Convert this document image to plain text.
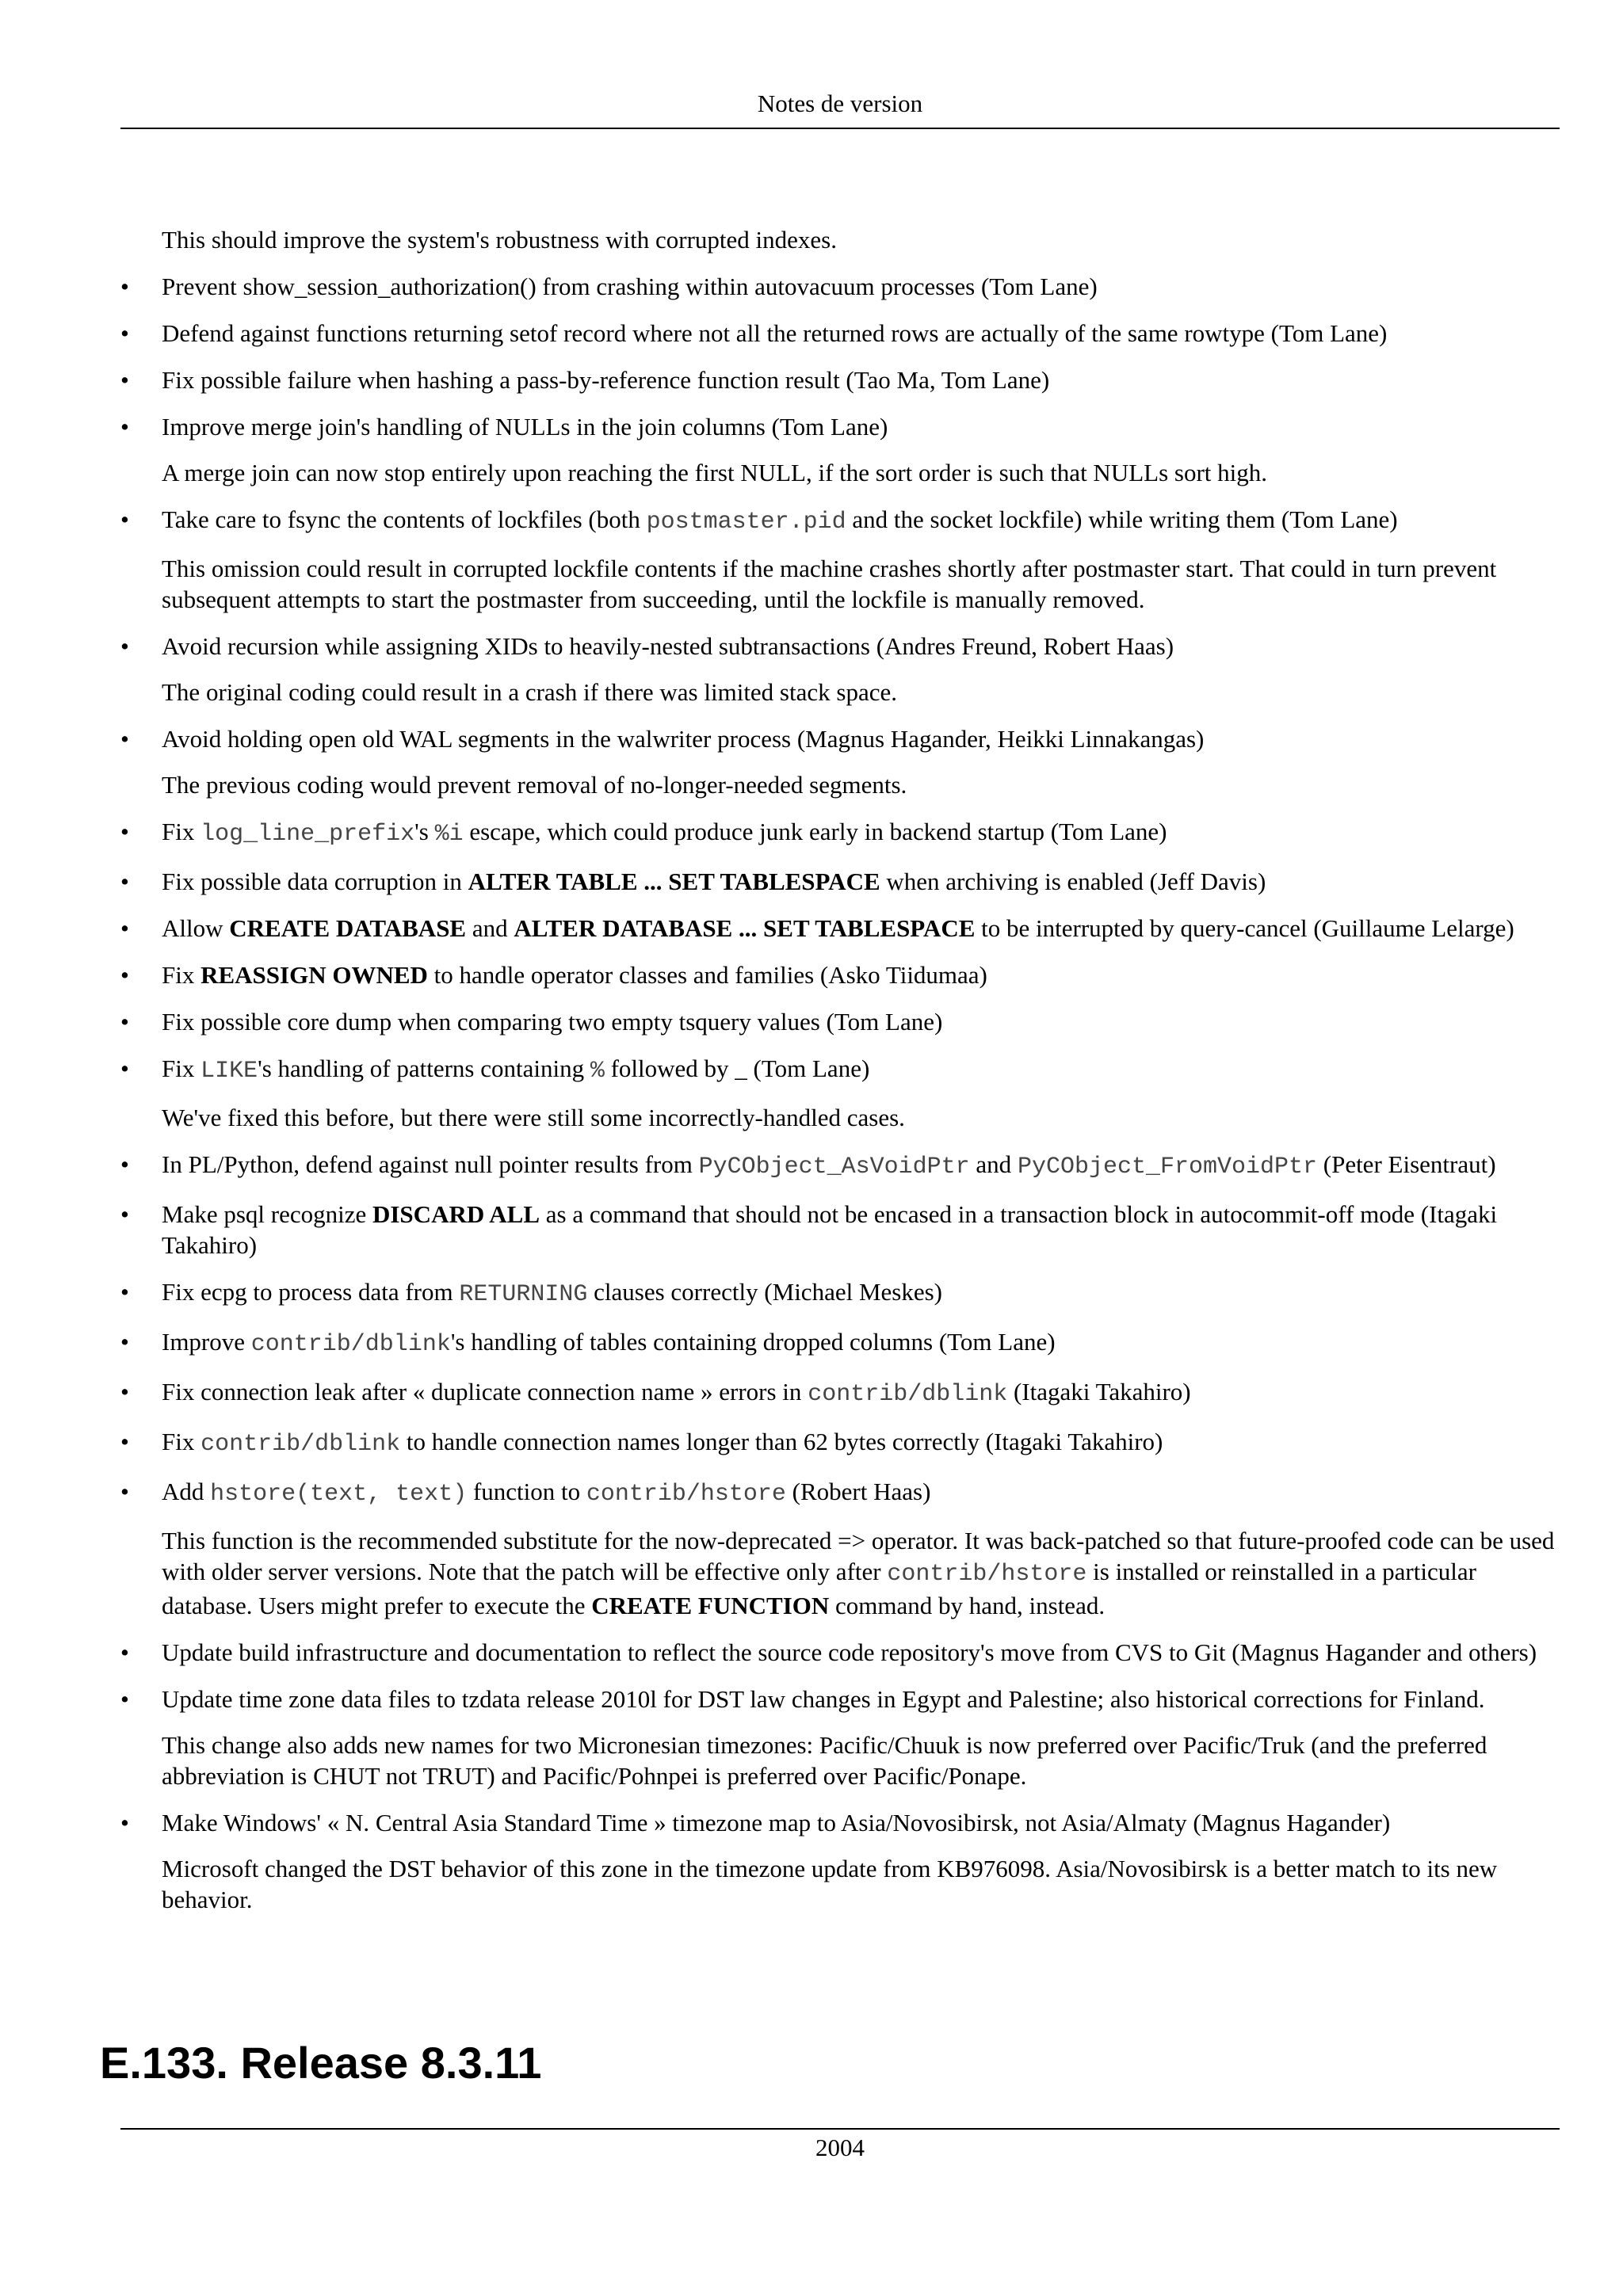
Notes de version
This should improve the system's robustness with corrupted indexes.
• Prevent show_session_authorization() from crashing within autovacuum processes (Tom Lane)
• Defend against functions returning setof record where not all the returned rows are actually of the same rowtype (Tom Lane)
• Fix possible failure when hashing a pass-by-reference function result (Tao Ma, Tom Lane)
• Improve merge join's handling of NULLs in the join columns (Tom Lane)
A merge join can now stop entirely upon reaching the first NULL, if the sort order is such that NULLs sort high.
• Take care to fsync the contents of lockfiles (both postmaster.pid and the socket lockfile) while writing them (Tom Lane)
This omission could result in corrupted lockfile contents if the machine crashes shortly after postmaster start. That could in turn prevent subsequent attempts to start the postmaster from succeeding, until the lockfile is manually removed.
• Avoid recursion while assigning XIDs to heavily-nested subtransactions (Andres Freund, Robert Haas)
The original coding could result in a crash if there was limited stack space.
• Avoid holding open old WAL segments in the walwriter process (Magnus Hagander, Heikki Linnakangas)
The previous coding would prevent removal of no-longer-needed segments.
• Fix log_line_prefix's %i escape, which could produce junk early in backend startup (Tom Lane)
• Fix possible data corruption in ALTER TABLE ... SET TABLESPACE when archiving is enabled (Jeff Davis)
• Allow CREATE DATABASE and ALTER DATABASE ... SET TABLESPACE to be interrupted by query-cancel (Guillaume Lelarge)
• Fix REASSIGN OWNED to handle operator classes and families (Asko Tiidumaa)
• Fix possible core dump when comparing two empty tsquery values (Tom Lane)
• Fix LIKE's handling of patterns containing % followed by _ (Tom Lane)
We've fixed this before, but there were still some incorrectly-handled cases.
• In PL/Python, defend against null pointer results from PyCObject_AsVoidPtr and PyCObject_FromVoidPtr (Peter Eisentraut)
• Make psql recognize DISCARD ALL as a command that should not be encased in a transaction block in autocommit-off mode (Itagaki Takahiro)
• Fix ecpg to process data from RETURNING clauses correctly (Michael Meskes)
• Improve contrib/dblink's handling of tables containing dropped columns (Tom Lane)
• Fix connection leak after « duplicate connection name » errors in contrib/dblink (Itagaki Takahiro)
• Fix contrib/dblink to handle connection names longer than 62 bytes correctly (Itagaki Takahiro)
• Add hstore(text, text) function to contrib/hstore (Robert Haas)
This function is the recommended substitute for the now-deprecated => operator. It was back-patched so that future-proofed code can be used with older server versions. Note that the patch will be effective only after contrib/hstore is installed or reinstalled in a particular database. Users might prefer to execute the CREATE FUNCTION command by hand, instead.
• Update build infrastructure and documentation to reflect the source code repository's move from CVS to Git (Magnus Hagander and others)
• Update time zone data files to tzdata release 2010l for DST law changes in Egypt and Palestine; also historical corrections for Finland.
This change also adds new names for two Micronesian timezones: Pacific/Chuuk is now preferred over Pacific/Truk (and the preferred abbreviation is CHUT not TRUT) and Pacific/Pohnpei is preferred over Pacific/Ponape.
• Make Windows' « N. Central Asia Standard Time » timezone map to Asia/Novosibirsk, not Asia/Almaty (Magnus Hagander)
Microsoft changed the DST behavior of this zone in the timezone update from KB976098. Asia/Novosibirsk is a better match to its new behavior.
E.133. Release 8.3.11
2004
